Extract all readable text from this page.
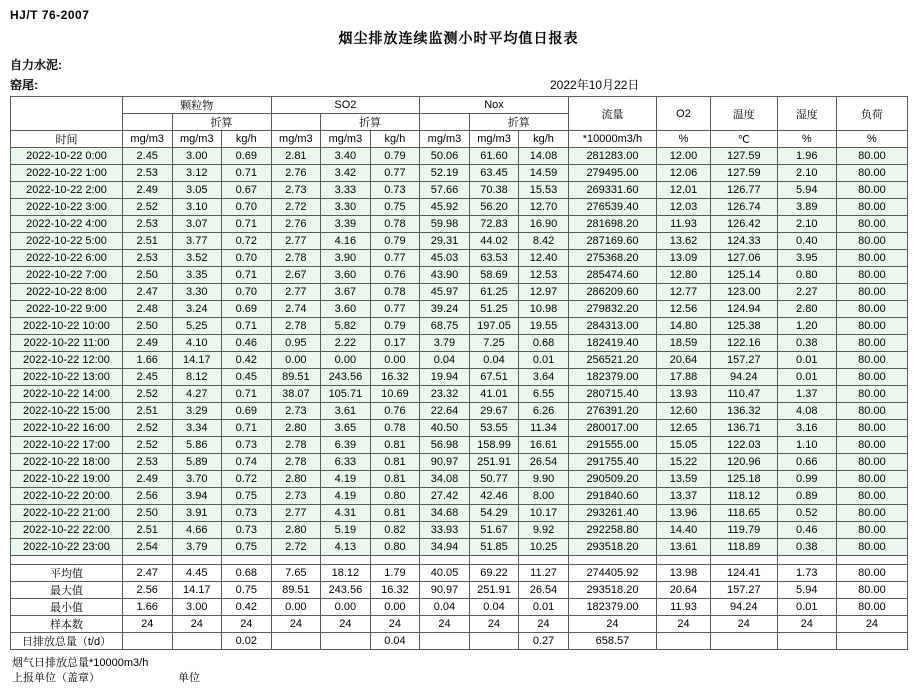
HJ/T 76-2007
烟尘排放连续监测小时平均值日报表
自力水泥:
窑尾:	2022年10月22日
	颗粒物			SO2			Nox			流量	O2	温度	湿度	负荷
		折算			折算			折算						
时间	mg/m3	mg/m3	kg/h	mg/m3	mg/m3	kg/h	mg/m3	mg/m3	kg/h	*10000m3/h	%	℃	%	%
2022-10-22 0:00	2.45	3.00	0.69	2.81	3.40	0.79	50.06	61.60	14.08	281283.00	12.00	127.59	1.96	80.00
2022-10-22 1:00	2.53	3.12	0.71	2.76	3.42	0.77	52.19	63.45	14.59	279495.00	12.06	127.59	2.10	80.00
2022-10-22 2:00	2.49	3.05	0.67	2.73	3.33	0.73	57.66	70.38	15.53	269331.60	12.01	126.77	5.94	80.00
2022-10-22 3:00	2.52	3.10	0.70	2.72	3.30	0.75	45.92	56.20	12.70	276539.40	12.03	126.74	3.89	80.00
2022-10-22 4:00	2.53	3.07	0.71	2.76	3.39	0.78	59.98	72.83	16.90	281698.20	11.93	126.42	2.10	80.00
2022-10-22 5:00	2.51	3.77	0.72	2.77	4.16	0.79	29.31	44.02	8.42	287169.60	13.62	124.33	0.40	80.00
2022-10-22 6:00	2.53	3.52	0.70	2.78	3.90	0.77	45.03	63.53	12.40	275368.20	13.09	127.06	3.95	80.00
2022-10-22 7:00	2.50	3.35	0.71	2.67	3.60	0.76	43.90	58.69	12.53	285474.60	12.80	125.14	0.80	80.00
2022-10-22 8:00	2.47	3.30	0.70	2.77	3.67	0.78	45.97	61.25	12.97	286209.60	12.77	123.00	2.27	80.00
2022-10-22 9:00	2.48	3.24	0.69	2.74	3.60	0.77	39.24	51.25	10.98	279832.20	12.56	124.94	2.80	80.00
2022-10-22 10:00	2.50	5.25	0.71	2.78	5.82	0.79	68.75	197.05	19.55	284313.00	14.80	125.38	1.20	80.00
2022-10-22 11:00	2.49	4.10	0.46	0.95	2.22	0.17	3.79	7.25	0.68	182419.40	18.59	122.16	0.38	80.00
2022-10-22 12:00	1.66	14.17	0.42	0.00	0.00	0.00	0.04	0.04	0.01	256521.20	20.64	157.27	0.01	80.00
2022-10-22 13:00	2.45	8.12	0.45	89.51	243.56	16.32	19.94	67.51	3.64	182379.00	17.88	94.24	0.01	80.00
2022-10-22 14:00	2.52	4.27	0.71	38.07	105.71	10.69	23.32	41.01	6.55	280715.40	13.93	110.47	1.37	80.00
2022-10-22 15:00	2.51	3.29	0.69	2.73	3.61	0.76	22.64	29.67	6.26	276391.20	12.60	136.32	4.08	80.00
2022-10-22 16:00	2.52	3.34	0.71	2.80	3.65	0.78	40.50	53.55	11.34	280017.00	12.65	136.71	3.16	80.00
2022-10-22 17:00	2.52	5.86	0.73	2.78	6.39	0.81	56.98	158.99	16.61	291555.00	15.05	122.03	1.10	80.00
2022-10-22 18:00	2.53	5.89	0.74	2.78	6.33	0.81	90.97	251.91	26.54	291755.40	15.22	120.96	0.66	80.00
2022-10-22 19:00	2.49	3.70	0.72	2.80	4.19	0.81	34.08	50.77	9.90	290509.20	13.59	125.18	0.99	80.00
2022-10-22 20:00	2.56	3.94	0.75	2.73	4.19	0.80	27.42	42.46	8.00	291840.60	13.37	118.12	0.89	80.00
2022-10-22 21:00	2.50	3.91	0.73	2.77	4.31	0.81	34.68	54.29	10.17	293261.40	13.96	118.65	0.52	80.00
2022-10-22 22:00	2.51	4.66	0.73	2.80	5.19	0.82	33.93	51.67	9.92	292258.80	14.40	119.79	0.46	80.00
2022-10-22 23:00	2.54	3.79	0.75	2.72	4.13	0.80	34.94	51.85	10.25	293518.20	13.61	118.89	0.38	80.00

平均值	2.47	4.45	0.68	7.65	18.12	1.79	40.05	69.22	11.27	274405.92	13.98	124.41	1.73	80.00
最大值	2.56	14.17	0.75	89.51	243.56	16.32	90.97	251.91	26.54	293518.20	20.64	157.27	5.94	80.00
最小值	1.66	3.00	0.42	0.00	0.00	0.00	0.04	0.04	0.01	182379.00	11.93	94.24	0.01	80.00
样本数	24	24	24	24	24	24	24	24	24	24	24	24	24	24
日排放总量（t/d）			0.02			0.04			0.27	658.57				
烟气日排放总量*10000m3/h
上报单位（盖章）	单位
